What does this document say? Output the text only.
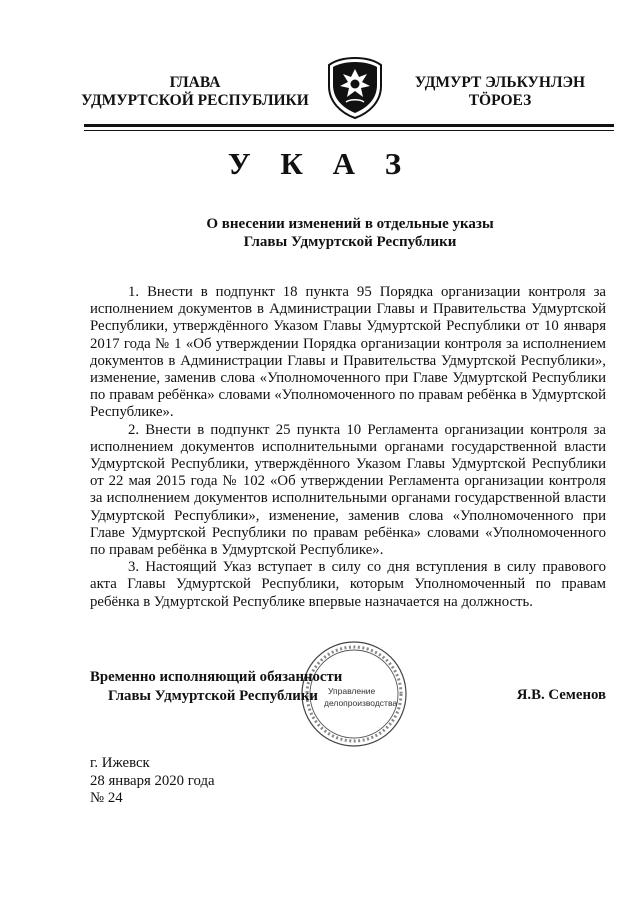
ГЛАВА
УДМУРТСКОЙ РЕСПУБЛИКИ
УДМУРТ ЭЛЬКУНЛЭН
ТӦРОЕЗ
У К А З
О внесении изменений в отдельные указы
Главы Удмуртской Республики

1. Внести в подпункт 18 пункта 95 Порядка организации контроля за исполнением документов в Администрации Главы и Правительства Удмуртской Республики, утверждённого Указом Главы Удмуртской Республики от 10 января 2017 года № 1 «Об утверждении Порядка организации контроля за исполнением документов в Администрации Главы и Правительства Удмуртской Республики», изменение, заменив слова «Уполномоченного при Главе Удмуртской Республики по правам ребёнка» словами «Уполномоченного по правам ребёнка в Удмуртской Республике».

2. Внести в подпункт 25 пункта 10 Регламента организации контроля за исполнением документов исполнительными органами государственной власти Удмуртской Республики, утверждённого Указом Главы Удмуртской Республики от 22 мая 2015 года № 102 «Об утверждении Регламента организации контроля за исполнением документов исполнительными органами государственной власти Удмуртской Республики», изменение, заменив слова «Уполномоченного при Главе Удмуртской Республики по правам ребёнка» словами «Уполномоченного по правам ребёнка в Удмуртской Республике».

3. Настоящий Указ вступает в силу со дня вступления в силу правового акта Главы Удмуртской Республики, которым Уполномоченный по правам ребёнка в Удмуртской Республике впервые назначается на должность.

Управление
делопроизводства
Временно исполняющий обязанности
Главы Удмуртской Республики	Я.В. Семенов
г. Ижевск
28 января 2020 года
№ 24
